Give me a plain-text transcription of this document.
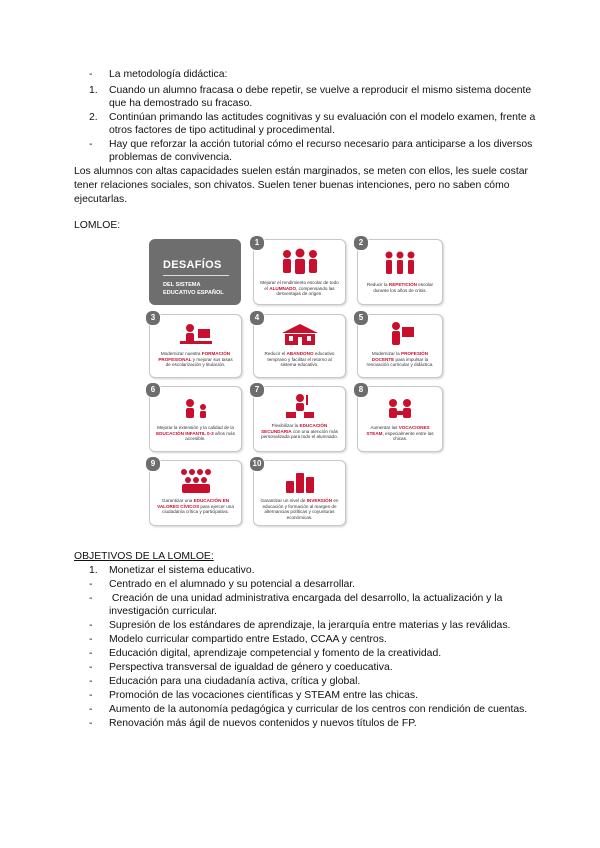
- La metodología didáctica:
1. Cuando un alumno fracasa o debe repetir, se vuelve a reproducir el mismo sistema docente
que ha demostrado su fracaso.
2. Continúan primando las actitudes cognitivas y su evaluación con el modelo examen, frente a
otros factores de tipo actitudinal y procedimental.
- Hay que reforzar la acción tutorial cómo el recurso necesario para anticiparse a los diversos
problemas de convivencia.
Los alumnos con altas capacidades suelen están marginados, se meten con ellos, les suele costar
tener relaciones sociales, son chivatos. Suelen tener buenas intenciones, pero no saben cómo
ejecutarlas.
LOMLOE:
DESAFÍOS
DEL SISTEMA
EDUCATIVO ESPAÑOL
1
Mejorar el rendimiento escolar de todo el ALUMNADO, compensando las desventajas de origen.
2
Reducir la REPETICIÓN escolar durante los años de crisis.
3
Modernizar nuestra FORMACIÓN PROFESIONAL y mejorar sus tasas de escolarización y titulación.
4
Reducir el ABANDONO educativo temprano y facilitar el retorno al sistema educativo.
5
Modernizar la PROFESIÓN DOCENTE para impulsar la renovación curricular y didáctica.
6
Mejorar la extensión y la calidad de la EDUCACIÓN INFANTIL 0-3 años más accesible.
7
Flexibilizar la EDUCACIÓN SECUNDARIA con una atención más personalizada para todo el alumnado.
8
Aumentar las VOCACIONES STEAM, especialmente entre las chicas.
9
Garantizar una EDUCACIÓN EN VALORES CÍVICOS para ejercer una ciudadanía crítica y participativa.
10
Garantizar un nivel de INVERSIÓN en educación y formación al margen de alternancias políticas y coyunturas económicas.
OBJETIVOS DE LA LOMLOE:
1. Monetizar el sistema educativo.
- Centrado en el alumnado y su potencial a desarrollar.
- Creación de una unidad administrativa encargada del desarrollo, la actualización y la
investigación curricular.
- Supresión de los estándares de aprendizaje, la jerarquía entre materias y las reválidas.
- Modelo curricular compartido entre Estado, CCAA y centros.
- Educación digital, aprendizaje competencial y fomento de la creatividad.
- Perspectiva transversal de igualdad de género y coeducativa.
- Educación para una ciudadanía activa, crítica y global.
- Promoción de las vocaciones científicas y STEAM entre las chicas.
- Aumento de la autonomía pedagógica y curricular de los centros con rendición de cuentas.
- Renovación más ágil de nuevos contenidos y nuevos títulos de FP.
